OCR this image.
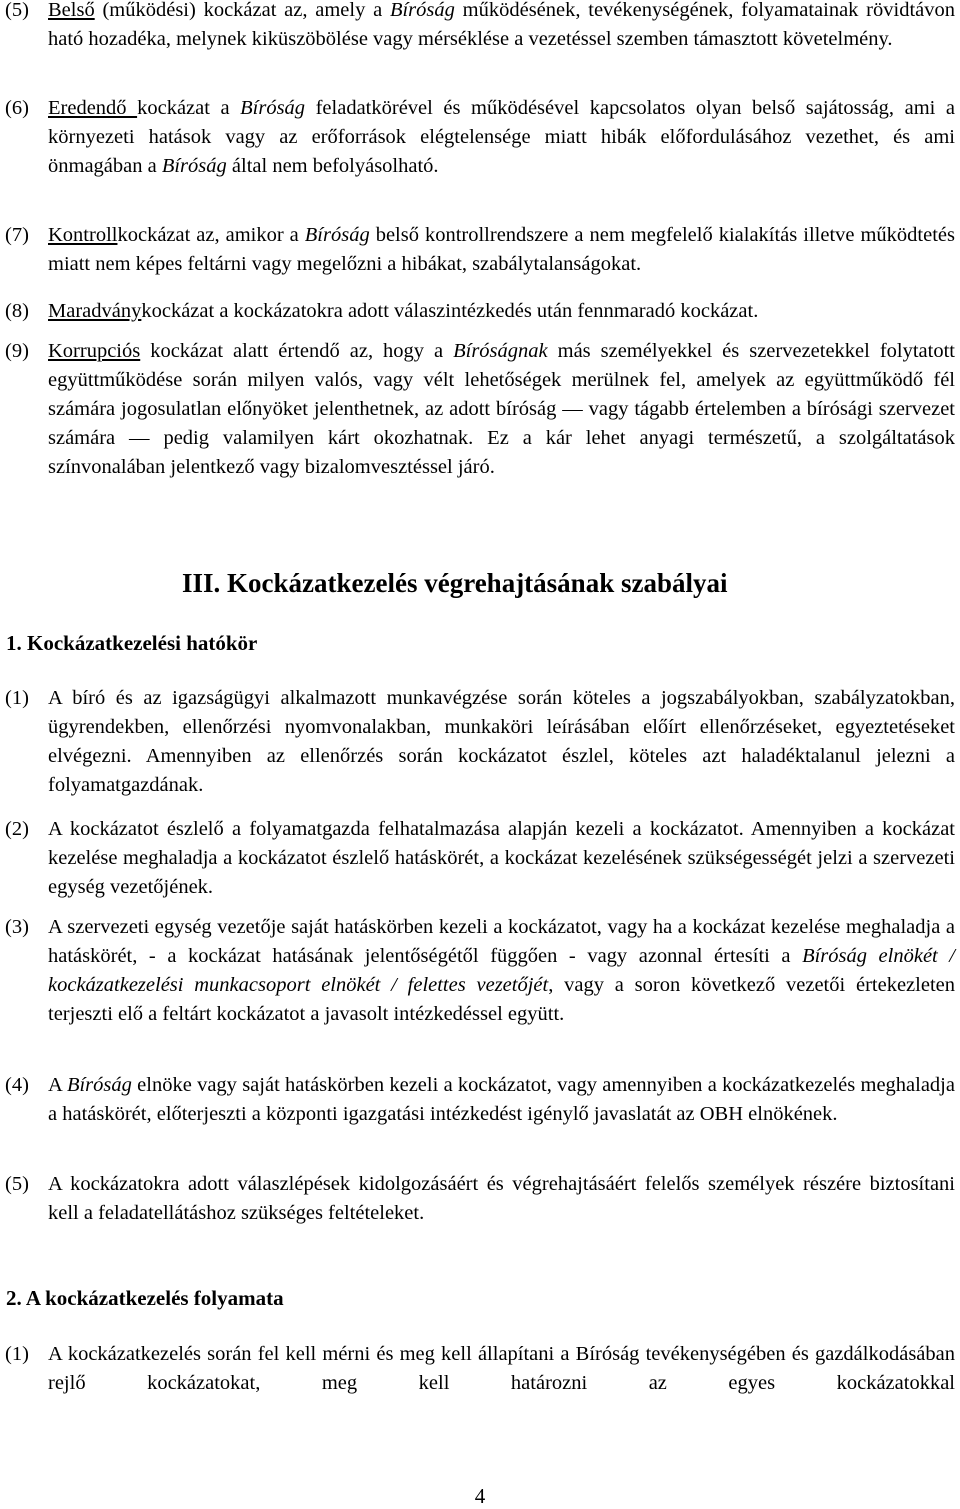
(5) Belső (működési) kockázat az, amely a Bíróság működésének, tevékenységének, folyamatainak rövidtávon ható hozadéka, melynek kiküszöbölése vagy mérséklése a vezetéssel szemben támasztott követelmény.
(6) Eredendő kockázat a Bíróság feladatkörével és működésével kapcsolatos olyan belső sajátosság, ami a környezeti hatások vagy az erőforrások elégtelensége miatt hibák előfordulásához vezethet, és ami önmagában a Bíróság által nem befolyásolható.
(7) Kontrollkockázat az, amikor a Bíróság belső kontrollrendszere a nem megfelelő kialakítás illetve működtetés miatt nem képes feltárni vagy megelőzni a hibákat, szabálytalanságokat.
(8) Maradványkockázat a kockázatokra adott válaszintézkedés után fennmaradó kockázat.
(9) Korrupciós kockázat alatt értendő az, hogy a Bíróságnak más személyekkel és szervezetekkel folytatott együttműködése során milyen valós, vagy vélt lehetőségek merülnek fel, amelyek az együttműködő fél számára jogosulatlan előnyöket jelenthetnek, az adott bíróság — vagy tágabb értelemben a bírósági szervezet számára — pedig valamilyen kárt okozhatnak. Ez a kár lehet anyagi természetű, a szolgáltatások színvonalában jelentkező vagy bizalomvesztéssel járó.
III. Kockázatkezelés végrehajtásának szabályai
1. Kockázatkezelési hatókör
(1) A bíró és az igazságügyi alkalmazott munkavégzése során köteles a jogszabályokban, szabályzatokban, ügyrendekben, ellenőrzési nyomvonalakban, munkaköri leírásában előírt ellenőrzéseket, egyeztetéseket elvégezni. Amennyiben az ellenőrzés során kockázatot észlel, köteles azt haladéktalanul jelezni a folyamatgazdának.
(2) A kockázatot észlelő a folyamatgazda felhatalmazása alapján kezeli a kockázatot. Amennyiben a kockázat kezelése meghaladja a kockázatot észlelő hatáskörét, a kockázat kezelésének szükségességét jelzi a szervezeti egység vezetőjének.
(3) A szervezeti egység vezetője saját hatáskörben kezeli a kockázatot, vagy ha a kockázat kezelése meghaladja a hatáskörét, - a kockázat hatásának jelentőségétől függően - vagy azonnal értesíti a Bíróság elnökét / kockázatkezelési munkacsoport elnökét / felettes vezetőjét, vagy a soron következő vezetői értekezleten terjeszti elő a feltárt kockázatot a javasolt intézkedéssel együtt.
(4) A Bíróság elnöke vagy saját hatáskörben kezeli a kockázatot, vagy amennyiben a kockázatkezelés meghaladja a hatáskörét, előterjeszti a központi igazgatási intézkedést igénylő javaslatát az OBH elnökének.
(5) A kockázatokra adott válaszlépések kidolgozásáért és végrehajtásáért felelős személyek részére biztosítani kell a feladatellátáshoz szükséges feltételeket.
2. A kockázatkezelés folyamata
(1) A kockázatkezelés során fel kell mérni és meg kell állapítani a Bíróság tevékenységében és gazdálkodásában rejlő kockázatokat, meg kell határozni az egyes kockázatokkal
4
